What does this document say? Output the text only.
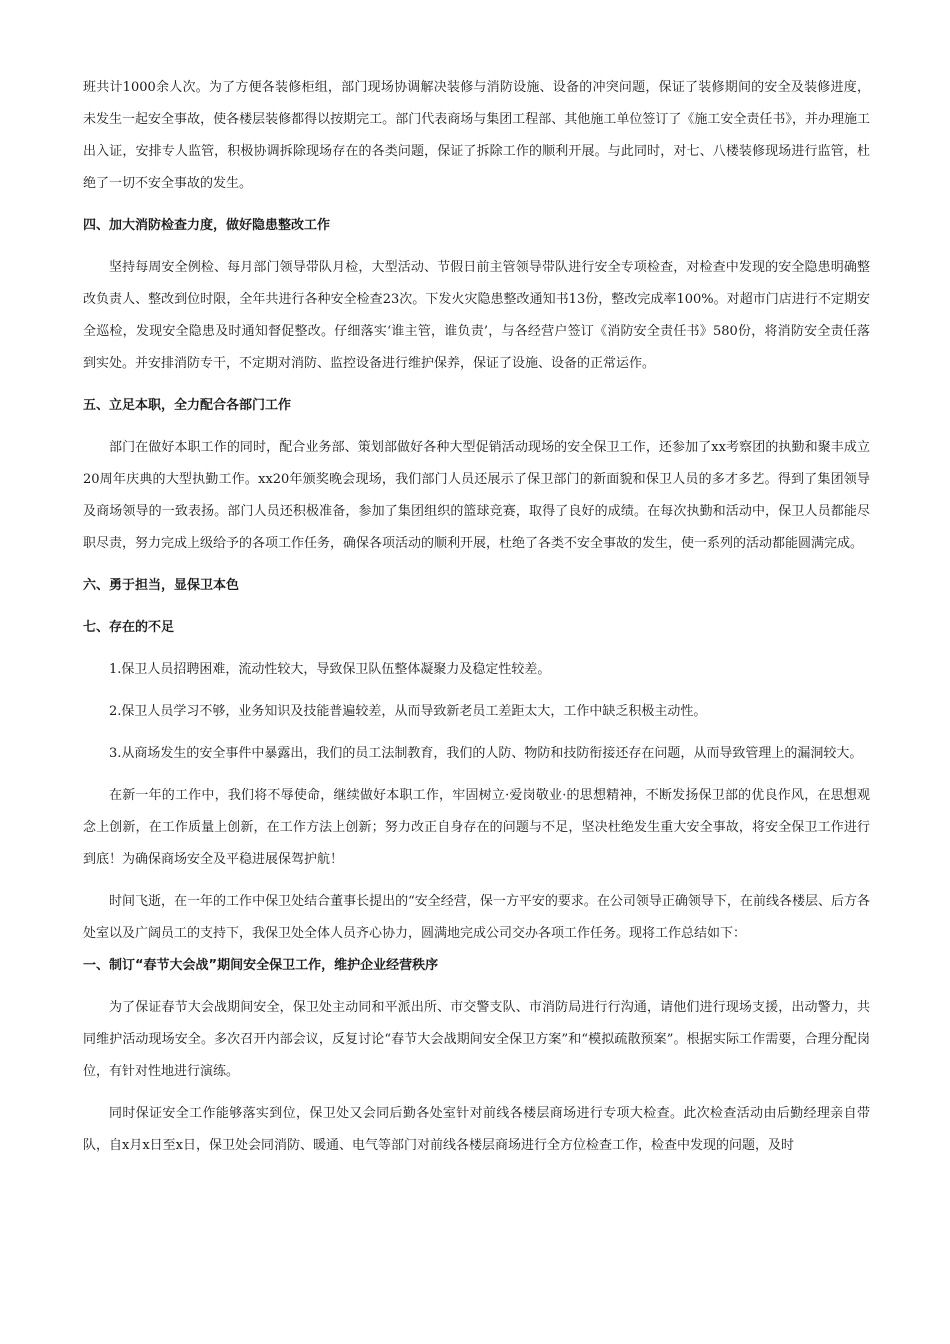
班共计1000余人次。为了方便各装修柜组，部门现场协调解决装修与消防设施、设备的冲突问题，保证了装修期间的安全及装修进度，未发生一起安全事故，使各楼层装修都得以按期完工。部门代表商场与集团工程部、其他施工单位签订了《施工安全责任书》，并办理施工出入证，安排专人监管，积极协调拆除现场存在的各类问题，保证了拆除工作的顺利开展。与此同时，对七、八楼装修现场进行监管，杜绝了一切不安全事故的发生。

四、加大消防检查力度，做好隐患整改工作

坚持每周安全例检、每月部门领导带队月检，大型活动、节假日前主管领导带队进行安全专项检查，对检查中发现的安全隐患明确整改负责人、整改到位时限，全年共进行各种安全检查23次。下发火灾隐患整改通知书13份，整改完成率100%。对超市门店进行不定期安全巡检，发现安全隐患及时通知督促整改。仔细落实‘谁主管，谁负责’，与各经营户签订《消防安全责任书》580份，将消防安全责任落到实处。并安排消防专干，不定期对消防、监控设备进行维护保养，保证了设施、设备的正常运作。

五、立足本职，全力配合各部门工作

部门在做好本职工作的同时，配合业务部、策划部做好各种大型促销活动现场的安全保卫工作，还参加了xx考察团的执勤和聚丰成立20周年庆典的大型执勤工作。xx20年颁奖晚会现场，我们部门人员还展示了保卫部门的新面貌和保卫人员的多才多艺。得到了集团领导及商场领导的一致表扬。部门人员还积极准备，参加了集团组织的篮球竞赛，取得了良好的成绩。在每次执勤和活动中，保卫人员都能尽职尽责，努力完成上级给予的各项工作任务，确保各项活动的顺利开展，杜绝了各类不安全事故的发生，使一系列的活动都能圆满完成。

六、勇于担当，显保卫本色

七、存在的不足

1.保卫人员招聘困难，流动性较大，导致保卫队伍整体凝聚力及稳定性较差。

2.保卫人员学习不够，业务知识及技能普遍较差，从而导致新老员工差距太大，工作中缺乏积极主动性。

3.从商场发生的安全事件中暴露出，我们的员工法制教育，我们的人防、物防和技防衔接还存在问题，从而导致管理上的漏洞较大。

在新一年的工作中，我们将不辱使命，继续做好本职工作，牢固树立·爱岗敬业·的思想精神，不断发扬保卫部的优良作风，在思想观念上创新，在工作质量上创新，在工作方法上创新；努力改正自身存在的问题与不足，坚决杜绝发生重大安全事故，将安全保卫工作进行到底！为确保商场安全及平稳进展保驾护航！

时间飞逝，在一年的工作中保卫处结合董事长提出的“安全经营，保一方平安的要求。在公司领导正确领导下，在前线各楼层、后方各处室以及广阔员工的支持下，我保卫处全体人员齐心协力，圆满地完成公司交办各项工作任务。现将工作总结如下：

一、制订“春节大会战”期间安全保卫工作，维护企业经营秩序

为了保证春节大会战期间安全，保卫处主动同和平派出所、市交警支队、市消防局进行行沟通，请他们进行现场支援，出动警力，共同维护活动现场安全。多次召开内部会议，反复讨论“春节大会战期间安全保卫方案”和“模拟疏散预案”。根据实际工作需要，合理分配岗位，有针对性地进行演练。

同时保证安全工作能够落实到位，保卫处又会同后勤各处室针对前线各楼层商场进行专项大检查。此次检查活动由后勤经理亲自带队，自x月x日至x日，保卫处会同消防、暖通、电气等部门对前线各楼层商场进行全方位检查工作，检查中发现的问题，及时
